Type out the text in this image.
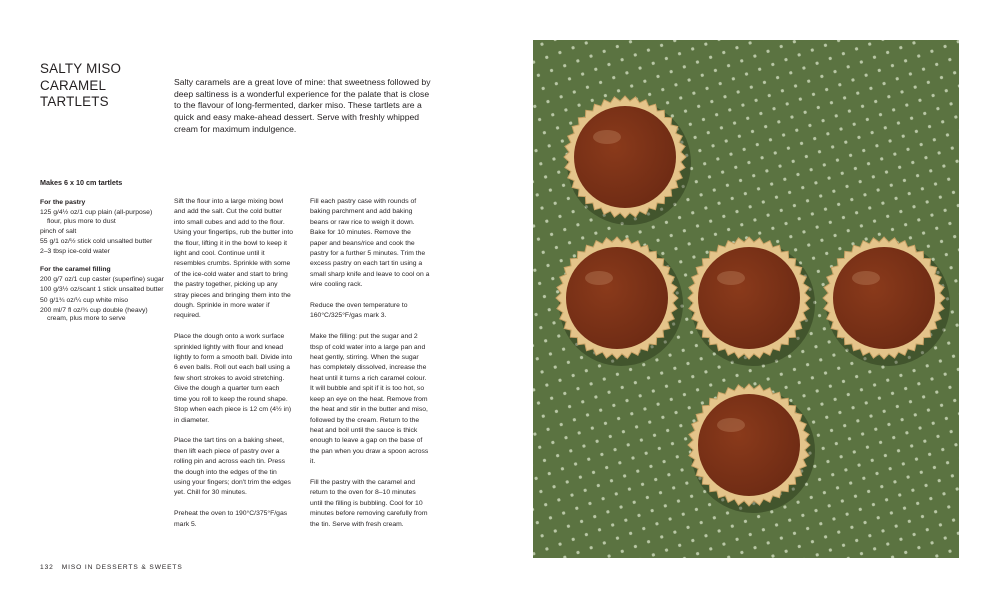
SALTY MISO CARAMEL TARTLETS

Salty caramels are a great love of mine: that sweetness followed by deep saltiness is a wonderful experience for the palate that is close to the flavour of long-fermented, darker miso. These tartlets are a quick and easy make-ahead dessert. Serve with freshly whipped cream for maximum indulgence.

Makes 6 x 10 cm tartlets

For the pastry
125 g/4½ oz/1 cup plain (all-purpose) flour, plus more to dust
pinch of salt
55 g/1 oz/½ stick cold unsalted butter
2–3 tbsp ice-cold water
For the caramel filling
200 g/7 oz/1 cup caster (superfine) sugar
100 g/3½ oz/scant 1 stick unsalted butter
50 g/1¾ oz/¼ cup white miso
200 ml/7 fl oz/¾ cup double (heavy) cream, plus more to serve

Sift the flour into a large mixing bowl and add the salt. Cut the cold butter into small cubes and add to the flour. Using your fingertips, rub the butter into the flour, lifting it in the bowl to keep it light and cool. Continue until it resembles crumbs. Sprinkle with some of the ice-cold water and start to bring the pastry together, picking up any stray pieces and bringing them into the dough. Sprinkle in more water if required.

Place the dough onto a work surface sprinkled lightly with flour and knead lightly to form a smooth ball. Divide into 6 even balls. Roll out each ball using a few short strokes to avoid stretching. Give the dough a quarter turn each time you roll to keep the round shape. Stop when each piece is 12 cm (4½ in) in diameter.

Place the tart tins on a baking sheet, then lift each piece of pastry over a rolling pin and across each tin. Press the dough into the edges of the tin using your fingers; don't trim the edges yet. Chill for 30 minutes.

Preheat the oven to 190°C/375°F/gas mark 5.

Fill each pastry case with rounds of baking parchment and add baking beans or raw rice to weigh it down. Bake for 10 minutes. Remove the paper and beans/rice and cook the pastry for a further 5 minutes. Trim the excess pastry on each tart tin using a small sharp knife and leave to cool on a wire cooling rack.

Reduce the oven temperature to 160°C/325°F/gas mark 3.

Make the filling: put the sugar and 2 tbsp of cold water into a large pan and heat gently, stirring. When the sugar has completely dissolved, increase the heat until it turns a rich caramel colour. It will bubble and spit if it is too hot, so keep an eye on the heat. Remove from the heat and stir in the butter and miso, followed by the cream. Return to the heat and boil until the sauce is thick enough to leave a gap on the base of the pan when you draw a spoon across it.

Fill the pastry with the caramel and return to the oven for 8–10 minutes until the filling is bubbling. Cool for 10 minutes before removing carefully from the tin. Serve with fresh cream.

132 MISO IN DESSERTS & SWEETS
